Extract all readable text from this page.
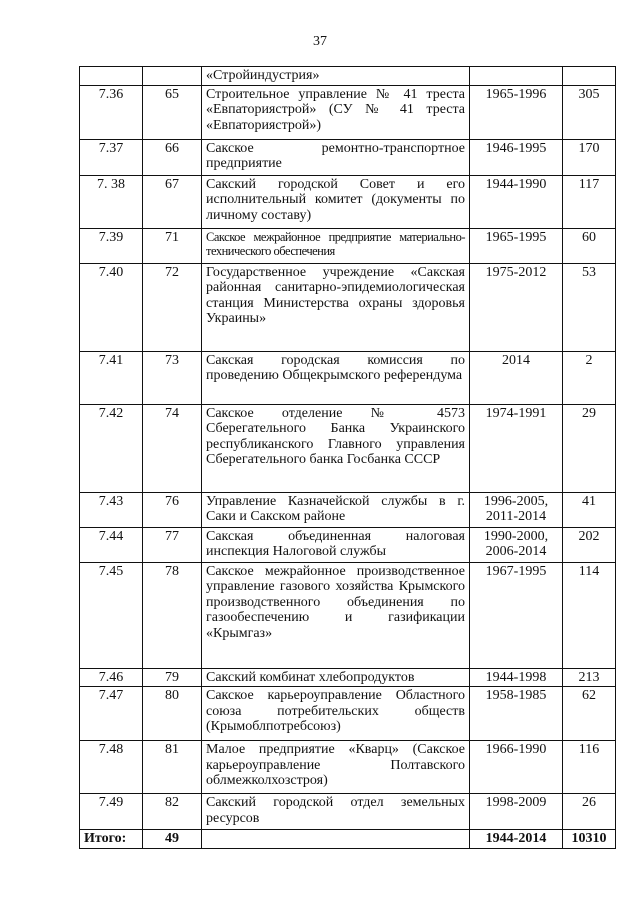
37
		«Стройиндустрия»		
7.36	65	Строительное управление № 41 треста «Евпаториястрой» (СУ № 41 треста «Евпаториястрой»)	1965-1996	305
7.37	66	Сакское ремонтно-транспортное предприятие	1946-1995	170
7. 38	67	Сакский городской Совет и его исполнительный комитет (документы по личному составу)	1944-1990	117
7.39	71	Сакское межрайонное предприятие материально-технического обеспечения	1965-1995	60
7.40	72	Государственное учреждение «Сакская районная санитарно-эпидемиологическая станция Министерства охраны здоровья Украины»	1975-2012	53
7.41	73	Сакская городская комиссия по проведению Общекрымского референдума	2014	2
7.42	74	Сакское отделение № 4573 Сберегательного Банка Украинского республиканского Главного управления Сберегательного банка Госбанка СССР	1974-1991	29
7.43	76	Управление Казначейской службы в г. Саки и Сакском районе	1996-2005, 2011-2014	41
7.44	77	Сакская объединенная налоговая инспекция Налоговой службы	1990-2000, 2006-2014	202
7.45	78	Сакское межрайонное производственное управление газового хозяйства Крымского производственного объединения по газообеспечению и газификации «Крымгаз»	1967-1995	114
7.46	79	Сакский комбинат хлебопродуктов	1944-1998	213
7.47	80	Сакское карьероуправление Областного союза потребительских обществ (Крымоблпотребсоюз)	1958-1985	62
7.48	81	Малое предприятие «Кварц» (Сакское карьероуправление Полтавского облмежколхозстроя)	1966-1990	116
7.49	82	Сакский городской отдел земельных ресурсов	1998-2009	26
Итого:	49		1944-2014	10310
